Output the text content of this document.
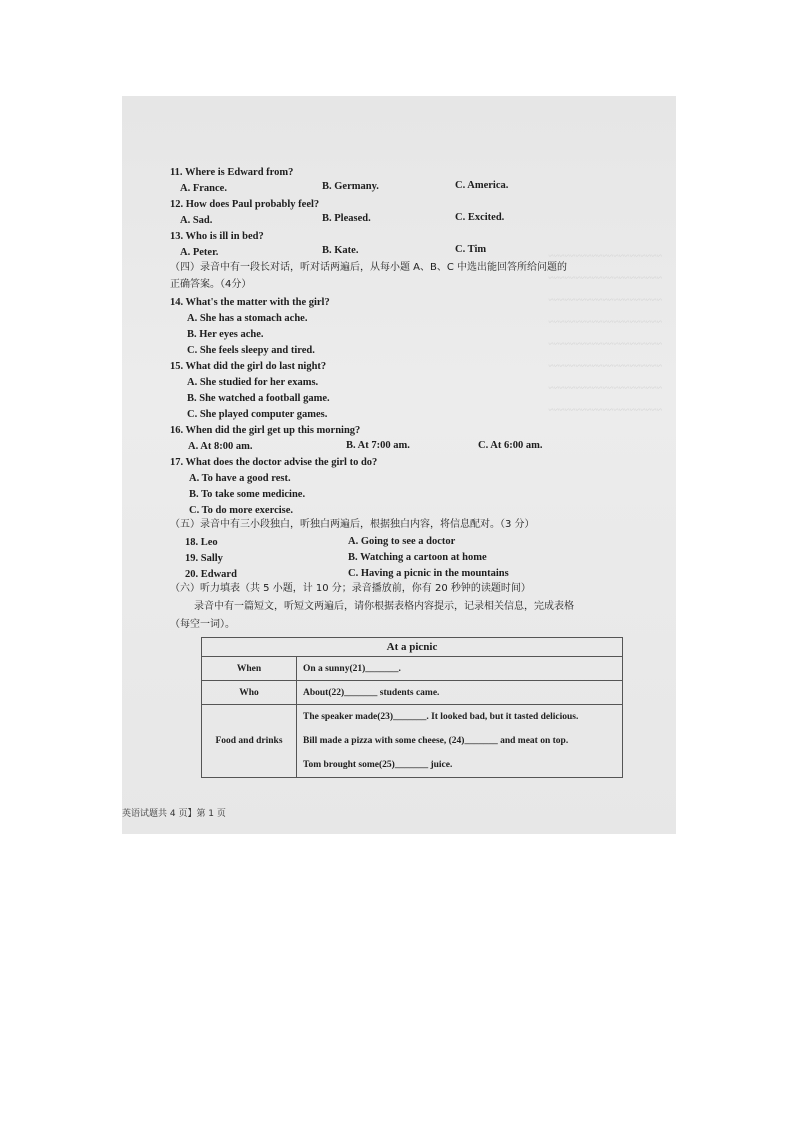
~~~~~~~~~~~~~~~~~~~~~
~~~~~~~~~~~~~~~~~~~~~
~~~~~~~~~~~~~~~~~~~~~
~~~~~~~~~~~~~~~~~~~~~
~~~~~~~~~~~~~~~~~~~~~
~~~~~~~~~~~~~~~~~~~~~
~~~~~~~~~~~~~~~~~~~~~
~~~~~~~~~~~~~~~~~~~~~
11. Where is Edward from?
A. France.	B. Germany.	C. America.
12. How does Paul probably feel?
A. Sad.	B. Pleased.	C. Excited.
13. Who is ill in bed?
A. Peter.	B. Kate.	C. Tim
（四）录音中有一段长对话，听对话两遍后，从每小题 A、B、C 中选出能回答所给问题的
正确答案。（4分）
14. What's the matter with the girl?
A. She has a stomach ache.
B. Her eyes ache.
C. She feels sleepy and tired.
15. What did the girl do last night?
A. She studied for her exams.
B. She watched a football game.
C. She played computer games.
16. When did the girl get up this morning?
A. At 8:00 am.	B. At 7:00 am.	C. At 6:00 am.
17. What does the doctor advise the girl to do?
A. To have a good rest.
B. To take some medicine.
C. To do more exercise.
（五）录音中有三小段独白，听独白两遍后，根据独白内容，将信息配对。（3 分）
18. Leo
19. Sally
20. Edward
A. Going to see a doctor
B. Watching a cartoon at home
C. Having a picnic in the mountains
（六）听力填表（共 5 小题，计 10 分；录音播放前，你有 20 秒钟的读题时间）
录音中有一篇短文，听短文两遍后，请你根据表格内容提示，记录相关信息，完成表格
（每空一词）。
At a picnic	
When	On a sunny(21)_______.
Who	About(22)_______ students came.
Food and drinks	The speaker made(23)_______. It looked bad, but it tasted delicious.
Bill made a pizza with some cheese, (24)_______ and meat on top.
Tom brought some(25)_______ juice.
英语试题共 4 页】第 1 页
